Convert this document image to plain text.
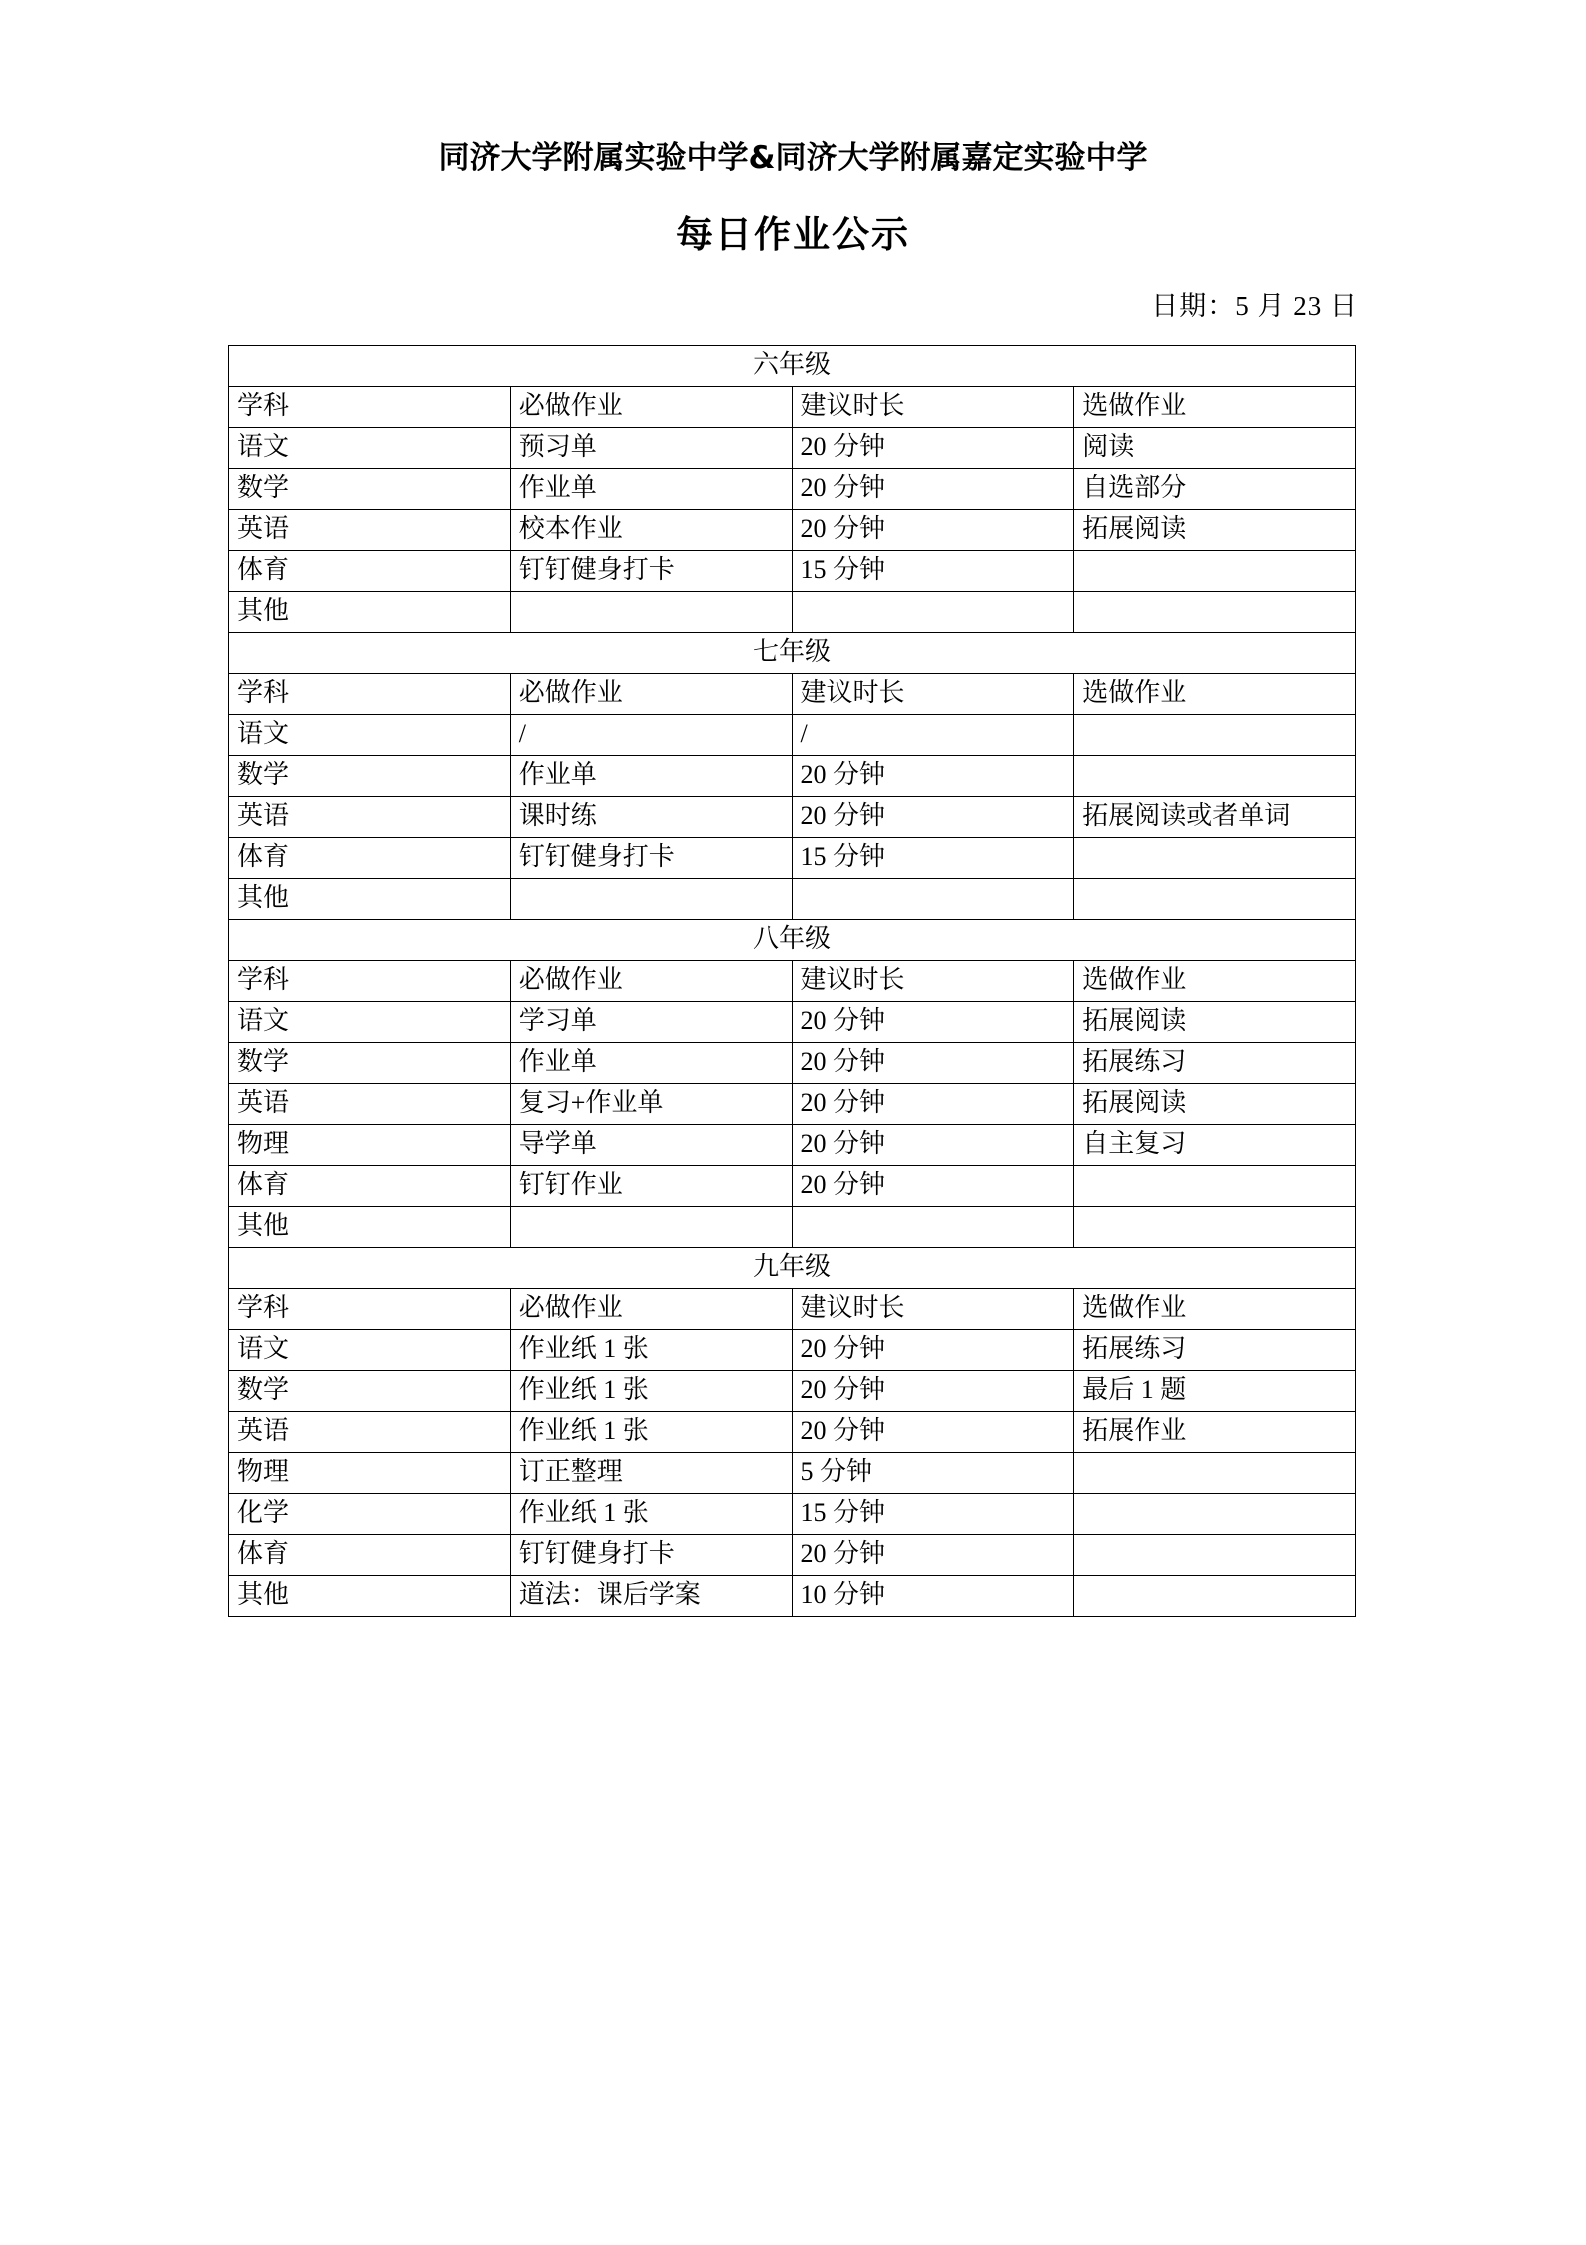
同济大学附属实验中学&同济大学附属嘉定实验中学
每日作业公示
日期：5 月 23 日
六年级			
学科	必做作业	建议时长	选做作业
语文	预习单	20 分钟	阅读
数学	作业单	20 分钟	自选部分
英语	校本作业	20 分钟	拓展阅读
体育	钉钉健身打卡	15 分钟	
其他			
七年级			
学科	必做作业	建议时长	选做作业
语文	/	/	
数学	作业单	20 分钟	
英语	课时练	20 分钟	拓展阅读或者单词
体育	钉钉健身打卡	15 分钟	
其他			
八年级			
学科	必做作业	建议时长	选做作业
语文	学习单	20 分钟	拓展阅读
数学	作业单	20 分钟	拓展练习
英语	复习+作业单	20 分钟	拓展阅读
物理	导学单	20 分钟	自主复习
体育	钉钉作业	20 分钟	
其他			
九年级			
学科	必做作业	建议时长	选做作业
语文	作业纸 1 张	20 分钟	拓展练习
数学	作业纸 1 张	20 分钟	最后 1 题
英语	作业纸 1 张	20 分钟	拓展作业
物理	订正整理	5 分钟	
化学	作业纸 1 张	15 分钟	
体育	钉钉健身打卡	20 分钟	
其他	道法：课后学案	10 分钟	
